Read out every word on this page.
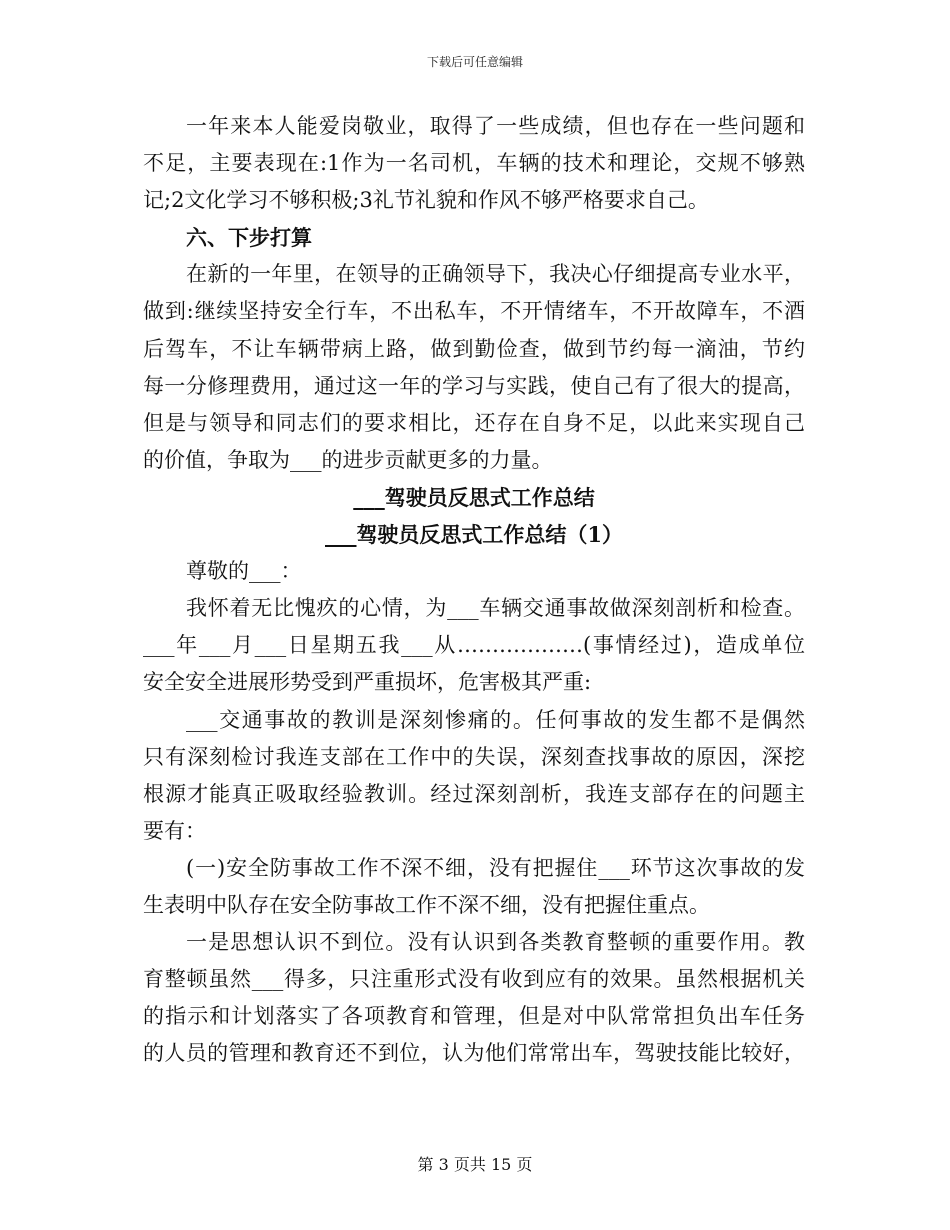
下载后可任意编辑
一年来本人能爱岗敬业，取得了一些成绩，但也存在一些问题和
不足，主要表现在:1作为一名司机，车辆的技术和理论，交规不够熟
记;2文化学习不够积极;3礼节礼貌和作风不够严格要求自己。
六、下步打算
在新的一年里，在领导的正确领导下，我决心仔细提高专业水平，
做到:继续坚持安全行车，不出私车，不开情绪车，不开故障车，不酒
后驾车，不让车辆带病上路，做到勤俭查，做到节约每一滴油，节约
每一分修理费用，通过这一年的学习与实践，使自己有了很大的提高，
但是与领导和同志们的要求相比，还存在自身不足，以此来实现自己
的价值，争取为___的进步贡献更多的力量。
___驾驶员反思式工作总结
___驾驶员反思式工作总结（1）
尊敬的___：
我怀着无比愧疚的心情，为___车辆交通事故做深刻剖析和检查。
___年___月___日星期五我___从………………(事情经过)，造成单位
安全安全进展形势受到严重损坏，危害极其严重:
___交通事故的教训是深刻惨痛的。任何事故的发生都不是偶然
只有深刻检讨我连支部在工作中的失误，深刻查找事故的原因，深挖
根源才能真正吸取经验教训。经过深刻剖析，我连支部存在的问题主
要有：
(一)安全防事故工作不深不细，没有把握住___环节这次事故的发
生表明中队存在安全防事故工作不深不细，没有把握住重点。
一是思想认识不到位。没有认识到各类教育整顿的重要作用。教
育整顿虽然___得多，只注重形式没有收到应有的效果。虽然根据机关
的指示和计划落实了各项教育和管理，但是对中队常常担负出车任务
的人员的管理和教育还不到位，认为他们常常出车，驾驶技能比较好，
第 3 页共 15 页
